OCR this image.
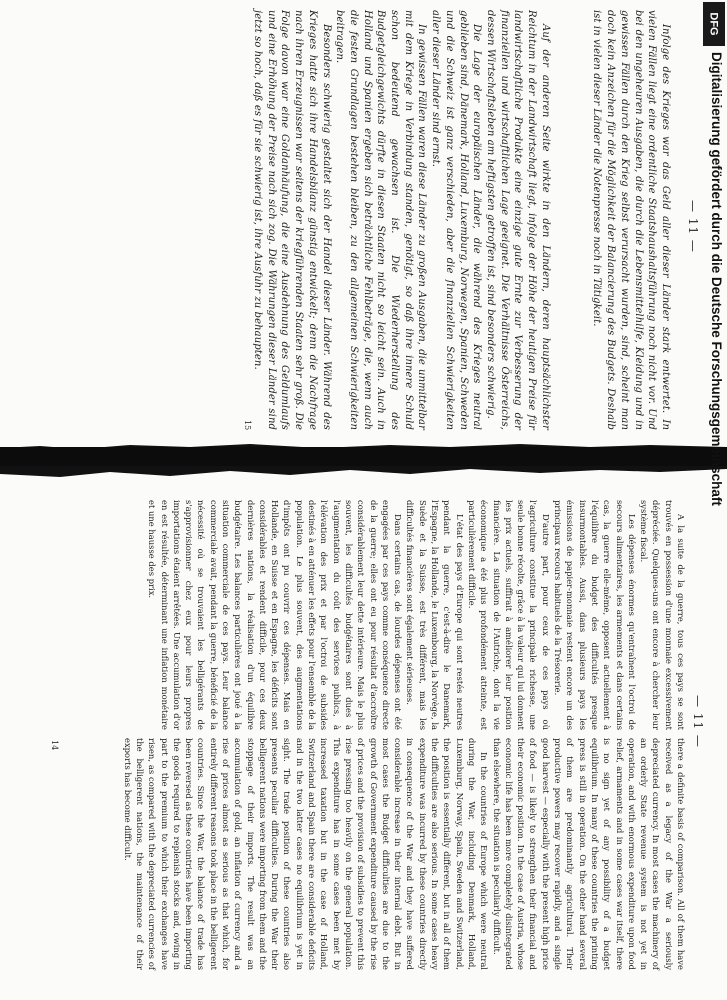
— 11 —

Infolge des Krieges war das Geld aller dieser Länder stark entwertet. In vielen Fällen liegt eine ordentliche Staatshaushaltsführung noch nicht vor. Und bei den ungeheuren Ausgaben, die durch die Lebensmittelhilfe, Kleidung und in gewissen Fällen durch den Krieg selbst verursacht wurden, sind, scheint man doch kein Anzeichen für die Möglichkeit der Balancierung des Budgets. Deshalb ist in vielen dieser Länder die Notenpresse noch in Tätigkeit.

Auf der anderen Seite wirkte in den Ländern, deren hauptsächlichster Reichtum in der Landwirtschaft liegt, infolge der Höhe der heutigen Preise für landwirtschaftliche Produkte eine einzige gute Ernte zur Verbesserung der finanziellen und wirtschaftlichen Lage geeignet. Die Verhältnisse Österreichs, dessen Wirtschaftsleben am heftigsten getroffen ist, sind besonders schwierig.

Die Lage der europäischen Länder, die während des Krieges neutral geblieben sind, Dänemark, Holland, Luxemburg, Norwegen, Spanien, Schweden und die Schweiz ist ganz verschieden, aber die finanziellen Schwierigkeiten aller dieser Länder sind ernst.

In gewissen Fällen waren diese Länder zu großen Ausgaben, die unmittelbar mit dem Kriege in Verbindung standen, genötigt, so daß ihre innere Schuld schon bedeutend gewachsen ist. Die Wiederherstellung des Budgetgleichgewichts dürfte in diesen Staaten nicht so leicht sein. Auch in Holland und Spanien ergeben sich beträchtliche Fehlbeträge, die, wenn auch die festen Grundlagen bestehen bleiben, zu den allgemeinen Schwierigkeiten beitragen.

Besonders schwierig gestaltet sich der Handel dieser Länder. Während des Krieges hatte sich ihre Handelsbilanz günstig entwickelt; denn die Nachfrage nach ihren Erzeugnissen war seitens der kriegführenden Staaten sehr groß. Die Folge davon war eine Goldanhäufung, die eine Ausdehnung des Geldumlaufs und eine Erhöhung der Preise nach sich zog. Die Währungen dieser Länder sind jetzt so hoch, daß es für sie schwierig ist, ihre Ausfuhr zu behaupten.

15
— 11 —

A la suite de la guerre, tous ces pays se sont trouvés en possession d'une monnaie excessivement dépréciée. Quelques-uns ont encore à chercher leur système fiscal.

Les dépenses énormes qu'entraînent l'octroi de secours alimentaires, les armements et dans certains cas, la guerre elle-même, opposent actuellement à l'équilibre du budget des difficultés presque insurmontables. Aussi, dans plusieurs pays les émissions de papier-monnaie restent encore un des principaux recours habituels de la Trésorerie.

D'autre part, pour ceux de ces pays où l'agriculture constitue la principale richesse, une seule bonne récolte, grâce à la valeur qui lui donnent les prix actuels, suffirait à améliorer leur position financière. La situation de l'Autriche, dont la vie économique a été plus profondément atteinte, est particulièrement difficile.

L'état des pays d'Europe qui sont restés neutres pendant la guerre, c'est-à-dire le Danemark, l'Espagne, la Hollande, le Luxembourg, la Norvège, la Suède et la Suisse, est très différent, mais les difficultés financières sont également sérieuses.

Dans certains cas, de lourdes dépenses ont été engagées par ces pays comme conséquence directe de la guerre; elles ont eu pour résultat d'accroître considérablement leur dette intérieure. Mais le plus souvent, les difficultés budgétaires sont dues à l'augmentation du coût des services publics, à l'élévation des prix et par l'octroi de subsides destinés à en atténuer les effets pour l'ensemble de la population. Le plus souvent, des augmentations d'impôts ont pu couvrir ces dépenses. Mais en Hollande, en Suisse et en Espagne, les déficits sont considérables et rendent difficile, pour ces deux dernières nations, la réalisation d'un équilibre budgétaire. Les balances particulières ont joué à la situation commerciale de ces pays. Leur balance commerciale avait, pendant la guerre, bénéficié de la nécessité où se trouvaient les belligérants de s'approvisionner chez eux pour leurs propres importations étaient arrêtées. Une accumulation d'or en est résultée, déterminant une inflation monétaire et une hausse des prix.

there a definite basis of comparison. All of them have received as a legacy of the War a seriously depreciated currency. In most cases the machinery of an orderly State revenue system is not yet in operation, and with enormous expenditure upon food relief, armaments and in some cases war itself, there is no sign yet of any possibility of a budget equilibrium. In many of these countries the printing press is still in operation. On the other hand several of them are predominantly agricultural. Their productive powers may recover rapidly, and a single good harvest — especially with the present high price of food — is likely to strengthen their financial and their economic position. In the case of Austria, whose economic life has been more completely disintegrated than elsewhere, the situation is peculiarly difficult.

In the countries of Europe which were neutral during the War, including Denmark, Holland, Luxemburg, Norway, Spain, Sweden and Switzerland, the position is essentially different, but in all of them the difficulties are also serious. In some cases heavy expenditure was incurred by these countries directly in consequence of the War and they have suffered considerable increase in their internal debt. But in most cases the Budget difficulties are due to the growth of Government expenditure caused by the rise of prices and the provision of subsidies to prevent this rise pressing too heavily on the general population. This expenditure has in some cases been met by increased taxation but in the case of Holland, Switzerland and Spain there are considerable deficits and in the two latter cases no equilibrium is yet in sight. The trade position of these countries also presents peculiar difficulties. During the War their belligerent nations were importing from them and the stoppage of their imports. The result was an accumulation of gold, an inflation of currency and a rise of prices almost as serious as that which, for entirely different reasons took place in the belligerent countries. Since the War, the balance of trade has been reversed as these countries have been importing the goods required to replenish stocks and, owing in part to the premium to which their exchanges have risen, as compared with the depreciated currencies of the belligerent nations, the maintenance of their exports has become difficult.

14
DFG
Digitalisierung gefördert durch die Deutsche Forschungsgemeinschaft
